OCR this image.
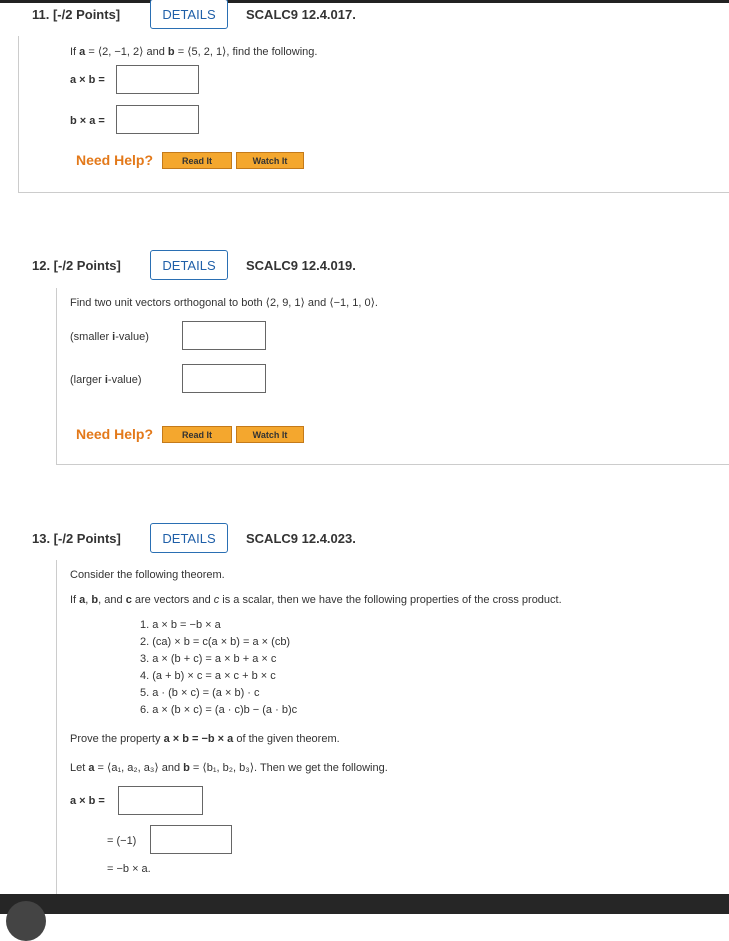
11. [-/2 Points]	DETAILS	SCALC9 12.4.017.
If a = ⟨2, −1, 2⟩ and b = ⟨5, 2, 1⟩, find the following.
a × b =
b × a =
Need Help?	Read It	Watch It
12. [-/2 Points]	DETAILS	SCALC9 12.4.019.
Find two unit vectors orthogonal to both ⟨2, 9, 1⟩ and ⟨−1, 1, 0⟩.
(smaller i-value)
(larger i-value)
Need Help?	Read It	Watch It
13. [-/2 Points]	DETAILS	SCALC9 12.4.023.
Consider the following theorem.
If a, b, and c are vectors and c is a scalar, then we have the following properties of the cross product.
1. a × b = −b × a
2. (ca) × b = c(a × b) = a × (cb)
3. a × (b + c) = a × b + a × c
4. (a + b) × c = a × c + b × c
5. a · (b × c) = (a × b) · c
6. a × (b × c) = (a · c)b − (a · b)c
Prove the property a × b = −b × a of the given theorem.
Let a = ⟨a₁, a₂, a₃⟩ and b = ⟨b₁, b₂, b₃⟩. Then we get the following.
a × b =
= (−1)
= −b × a.
